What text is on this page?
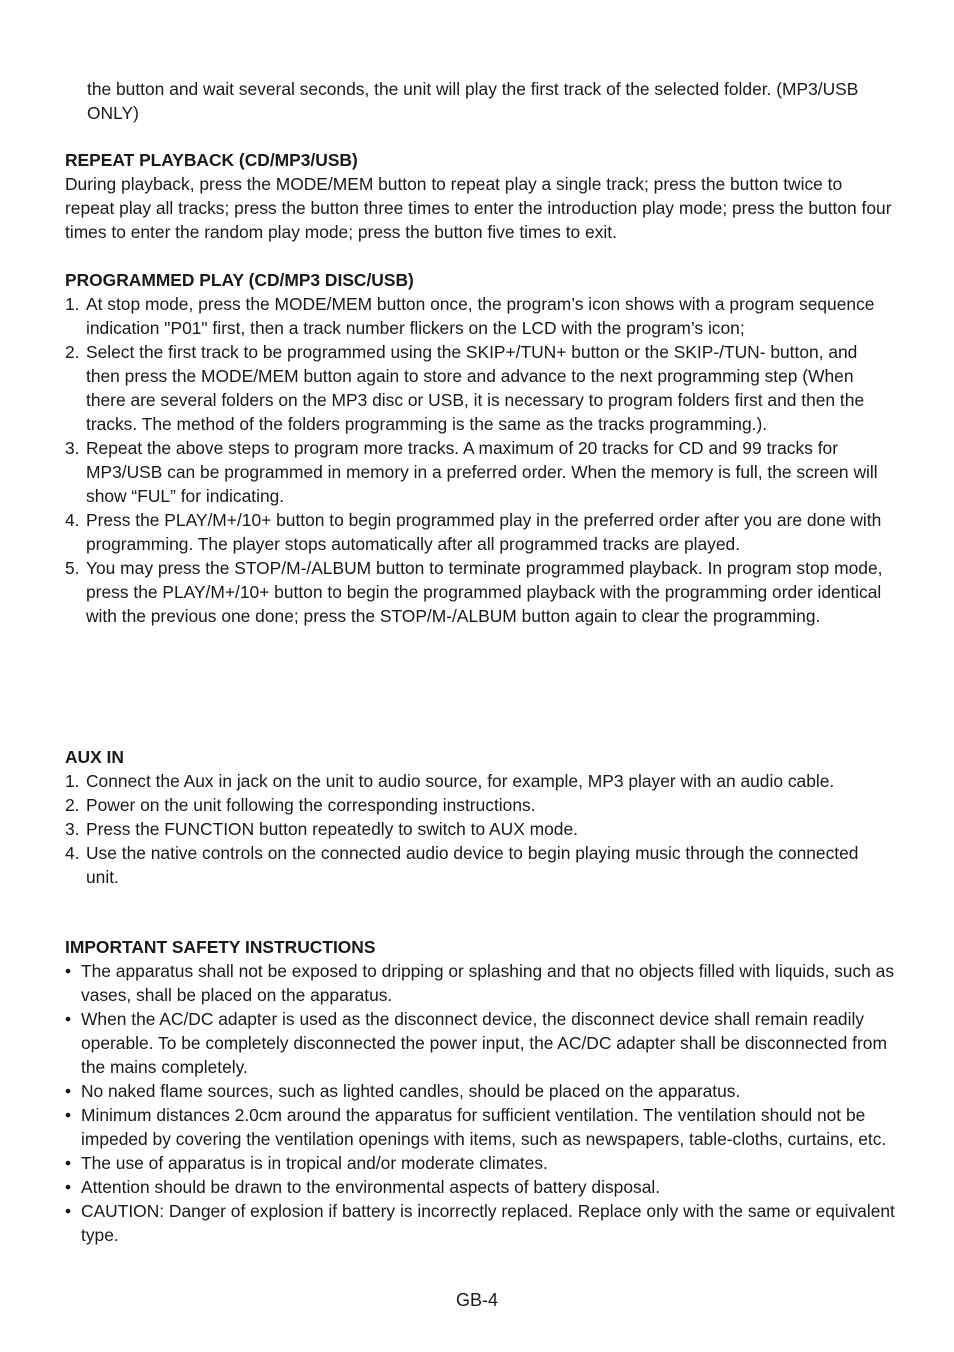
the button and wait several seconds, the unit will play the first track of the selected folder. (MP3/USB ONLY)

REPEAT PLAYBACK (CD/MP3/USB)

During playback, press the MODE/MEM button to repeat play a single track; press the button twice to repeat play all tracks; press the button three times to enter the introduction play mode; press the button four times to enter the random play mode; press the button five times to exit.

PROGRAMMED PLAY (CD/MP3 DISC/USB)
1. At stop mode, press the MODE/MEM button once, the program’s icon shows with a program sequence indication "P01" first, then a track number flickers on the LCD with the program’s icon;
2. Select the first track to be programmed using the SKIP+/TUN+ button or the SKIP-/TUN- button, and then press the MODE/MEM button again to store and advance to the next programming step (When there are several folders on the MP3 disc or USB, it is necessary to program folders first and then the tracks. The method of the folders programming is the same as the tracks programming.).
3. Repeat the above steps to program more tracks. A maximum of 20 tracks for CD and 99 tracks for MP3/USB can be programmed in memory in a preferred order. When the memory is full, the screen will show “FUL” for indicating.
4. Press the PLAY/M+/10+ button to begin programmed play in the preferred order after you are done with programming. The player stops automatically after all programmed tracks are played.
5. You may press the STOP/M-/ALBUM button to terminate programmed playback. In program stop mode, press the PLAY/M+/10+ button to begin the programmed playback with the programming order identical with the previous one done; press the STOP/M-/ALBUM button again to clear the programming.
AUX IN
1. Connect the Aux in jack on the unit to audio source, for example, MP3 player with an audio cable.
2. Power on the unit following the corresponding instructions.
3. Press the FUNCTION button repeatedly to switch to AUX mode.
4. Use the native controls on the connected audio device to begin playing music through the connected unit.
IMPORTANT SAFETY INSTRUCTIONS
• The apparatus shall not be exposed to dripping or splashing and that no objects filled with liquids, such as vases, shall be placed on the apparatus.
• When the AC/DC adapter is used as the disconnect device, the disconnect device shall remain readily operable. To be completely disconnected the power input, the AC/DC adapter shall be disconnected from the mains completely.
• No naked flame sources, such as lighted candles, should be placed on the apparatus.
• Minimum distances 2.0cm around the apparatus for sufficient ventilation. The ventilation should not be impeded by covering the ventilation openings with items, such as newspapers, table-cloths, curtains, etc.
• The use of apparatus is in tropical and/or moderate climates.
• Attention should be drawn to the environmental aspects of battery disposal.
• CAUTION: Danger of explosion if battery is incorrectly replaced. Replace only with the same or equivalent type.
GB-4
